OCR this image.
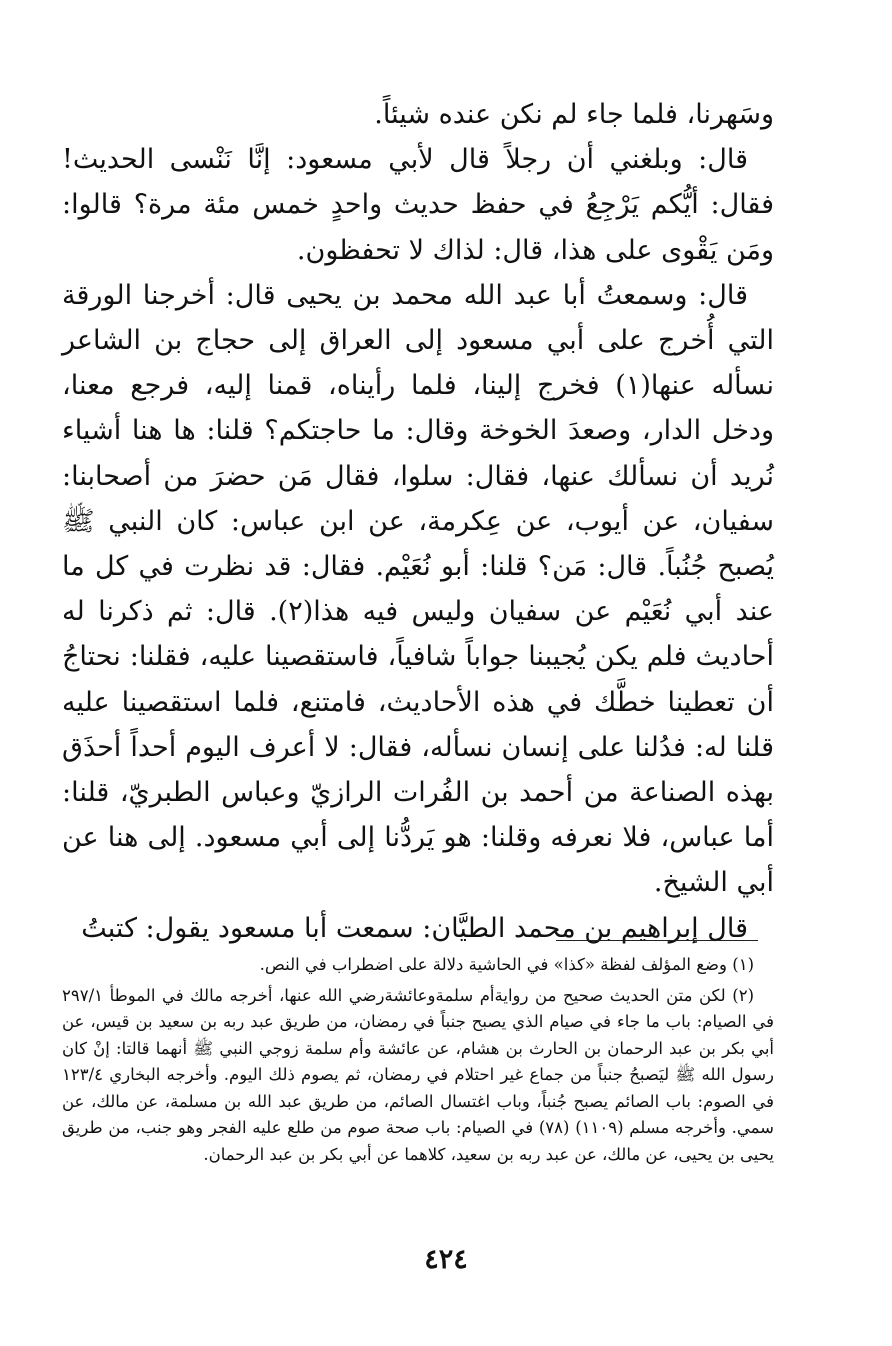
وسَهرنا، فلما جاء لم نكن عنده شيئاً.

قال: وبلغني أن رجلاً قال لأبي مسعود: إنَّا نَنْسى الحديث! فقال: أيُّكم يَرْجِعُ في حفظ حديث واحدٍ خمس مئة مرة؟ قالوا: ومَن يَقْوى على هذا، قال: لذاك لا تحفظون.

قال: وسمعتُ أبا عبد الله محمد بن يحيى قال: أخرجنا الورقة التي أُخرج على أبي مسعود إلى العراق إلى حجاج بن الشاعر نسأله عنها(١) فخرج إلينا، فلما رأيناه، قمنا إليه، فرجع معنا، ودخل الدار، وصعدَ الخوخة وقال: ما حاجتكم؟ قلنا: ها هنا أشياء نُريد أن نسألك عنها، فقال: سلوا، فقال مَن حضرَ من أصحابنا: سفيان، عن أيوب، عن عِكرمة، عن ابن عباس: كان النبي ﷺ يُصبح جُنُباً. قال: مَن؟ قلنا: أبو نُعَيْم. فقال: قد نظرت في كل ما عند أبي نُعَيْم عن سفيان وليس فيه هذا(٢). قال: ثم ذكرنا له أحاديث فلم يكن يُجيبنا جواباً شافياً، فاستقصينا عليه، فقلنا: نحتاجُ أن تعطينا خطَّك في هذه الأحاديث، فامتنع، فلما استقصينا عليه قلنا له: فدُلنا على إنسان نسأله، فقال: لا أعرف اليوم أحداً أحذَق بهذه الصناعة من أحمد بن الفُرات الرازيّ وعباس الطبريّ، قلنا: أما عباس، فلا نعرفه وقلنا: هو يَردُّنا إلى أبي مسعود. إلى هنا عن أبي الشيخ.

قال إبراهيم بن محمد الطيَّان: سمعت أبا مسعود يقول: كتبتُ

(١) وضع المؤلف لفظة «كذا» في الحاشية دلالة على اضطراب في النص.

(٢) لكن متن الحديث صحيح من روايةأم سلمةوعائشةرضي الله عنها، أخرجه مالك في الموطأ ٢٩٧/١ في الصيام: باب ما جاء في صيام الذي يصبح جنباً في رمضان، من طريق عبد ربه بن سعيد بن قيس، عن أبي بكر بن عبد الرحمان بن الحارث بن هشام، عن عائشة وأم سلمة زوجي النبي ﷺ أنهما قالتا: إنْ كان رسول الله ﷺ ليَصبحُ جنباً من جماع غير احتلام في رمضان، ثم يصوم ذلك اليوم. وأخرجه البخاري ١٢٣/٤ في الصوم: باب الصائم يصبح جُنباً، وباب اغتسال الصائم، من طريق عبد الله بن مسلمة، عن مالك، عن سمي. وأخرجه مسلم (١١٠٩) (٧٨) في الصيام: باب صحة صوم من طلع عليه الفجر وهو جنب، من طريق يحيى بن يحيى، عن مالك، عن عبد ربه بن سعيد، كلاهما عن أبي بكر بن عبد الرحمان.

٤٢٤
